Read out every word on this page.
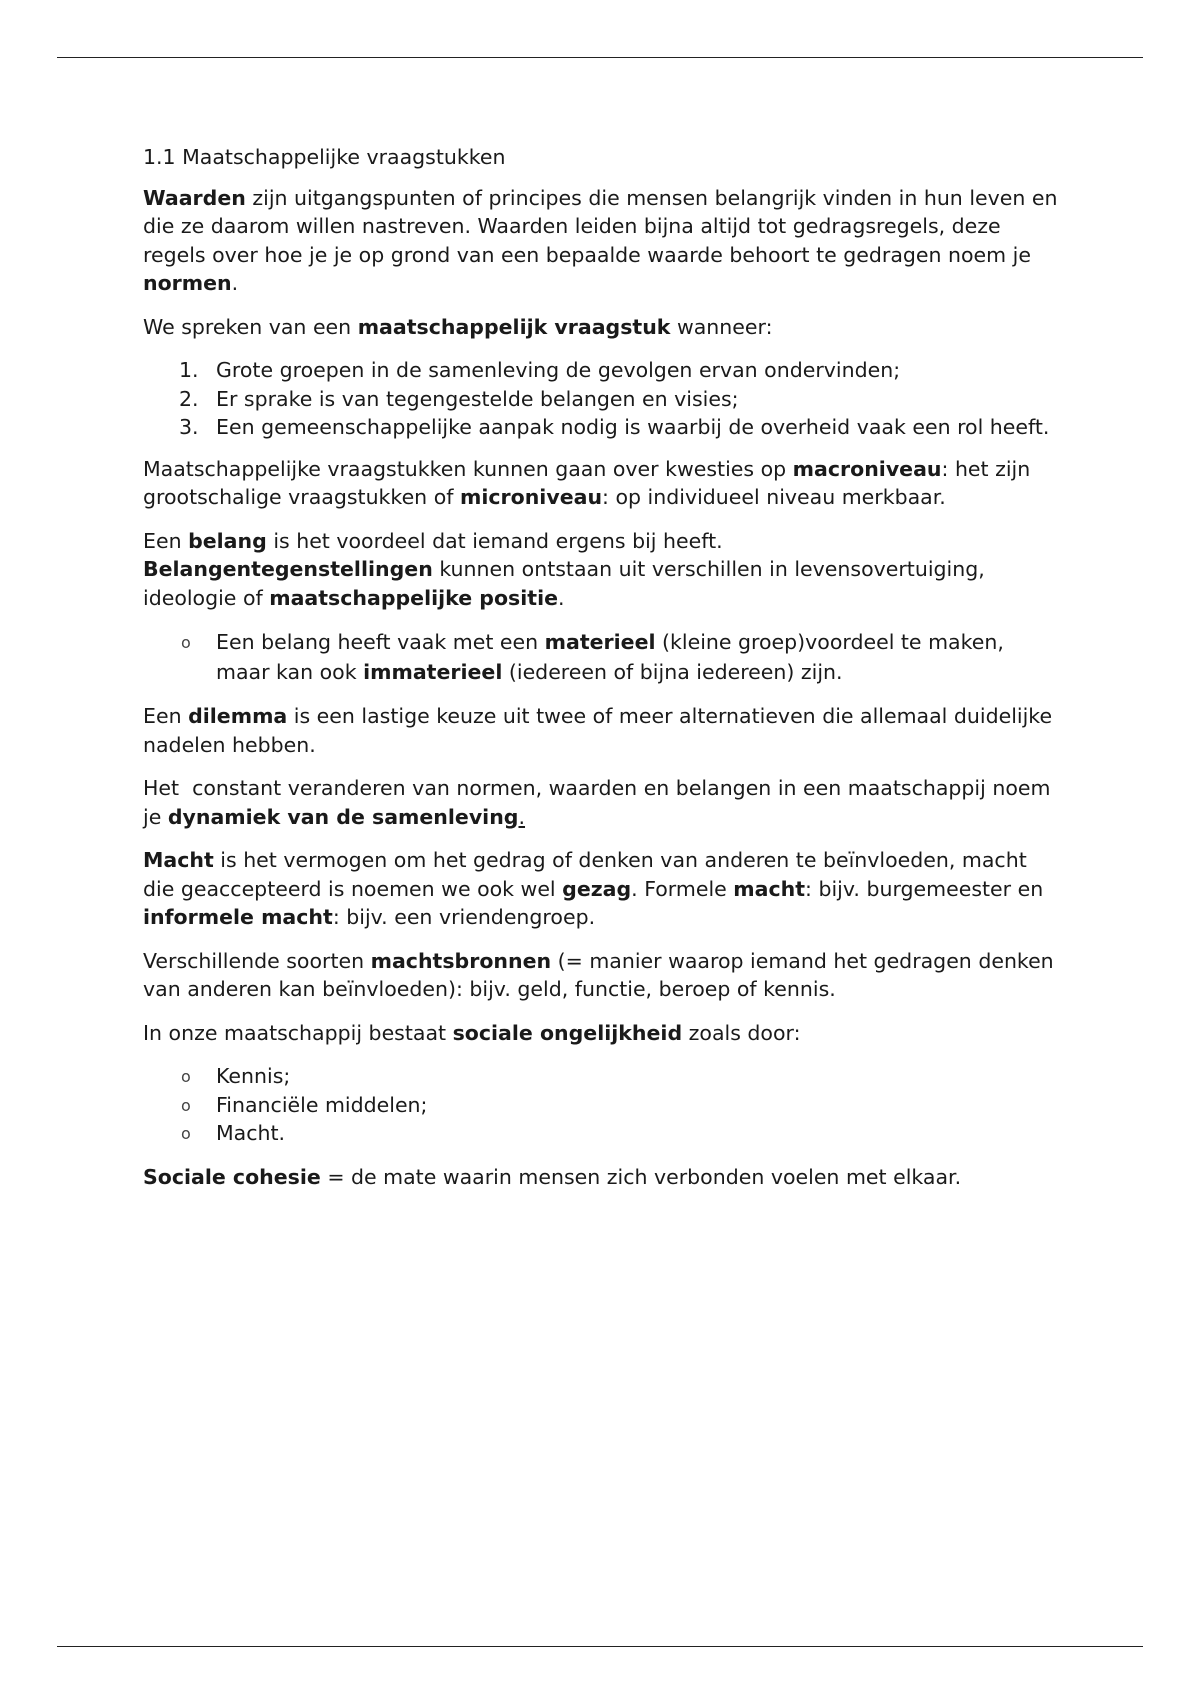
1.1 Maatschappelijke vraagstukken

Waarden zijn uitgangspunten of principes die mensen belangrijk vinden in hun leven en die ze daarom willen nastreven. Waarden leiden bijna altijd tot gedragsregels, deze regels over hoe je je op grond van een bepaalde waarde behoort te gedragen noem je normen.

We spreken van een maatschappelijk vraagstuk wanneer:

1. Grote groepen in de samenleving de gevolgen ervan ondervinden;
2. Er sprake is van tegengestelde belangen en visies;
3. Een gemeenschappelijke aanpak nodig is waarbij de overheid vaak een rol heeft.

Maatschappelijke vraagstukken kunnen gaan over kwesties op macroniveau: het zijn grootschalige vraagstukken of microniveau: op individueel niveau merkbaar.

Een belang is het voordeel dat iemand ergens bij heeft.
Belangentegenstellingen kunnen ontstaan uit verschillen in levensovertuiging, ideologie of maatschappelijke positie.

o Een belang heeft vaak met een materieel (kleine groep)voordeel te maken, maar kan ook immaterieel (iedereen of bijna iedereen) zijn.

Een dilemma is een lastige keuze uit twee of meer alternatieven die allemaal duidelijke nadelen hebben.

Het  constant veranderen van normen, waarden en belangen in een maatschappij noem je dynamiek van de samenleving.

Macht is het vermogen om het gedrag of denken van anderen te beïnvloeden, macht die geaccepteerd is noemen we ook wel gezag. Formele macht: bijv. burgemeester en informele macht: bijv. een vriendengroep.

Verschillende soorten machtsbronnen (= manier waarop iemand het gedragen denken van anderen kan beïnvloeden): bijv. geld, functie, beroep of kennis.

In onze maatschappij bestaat sociale ongelijkheid zoals door:

o Kennis;
o Financiële middelen;
o Macht.

Sociale cohesie = de mate waarin mensen zich verbonden voelen met elkaar.
